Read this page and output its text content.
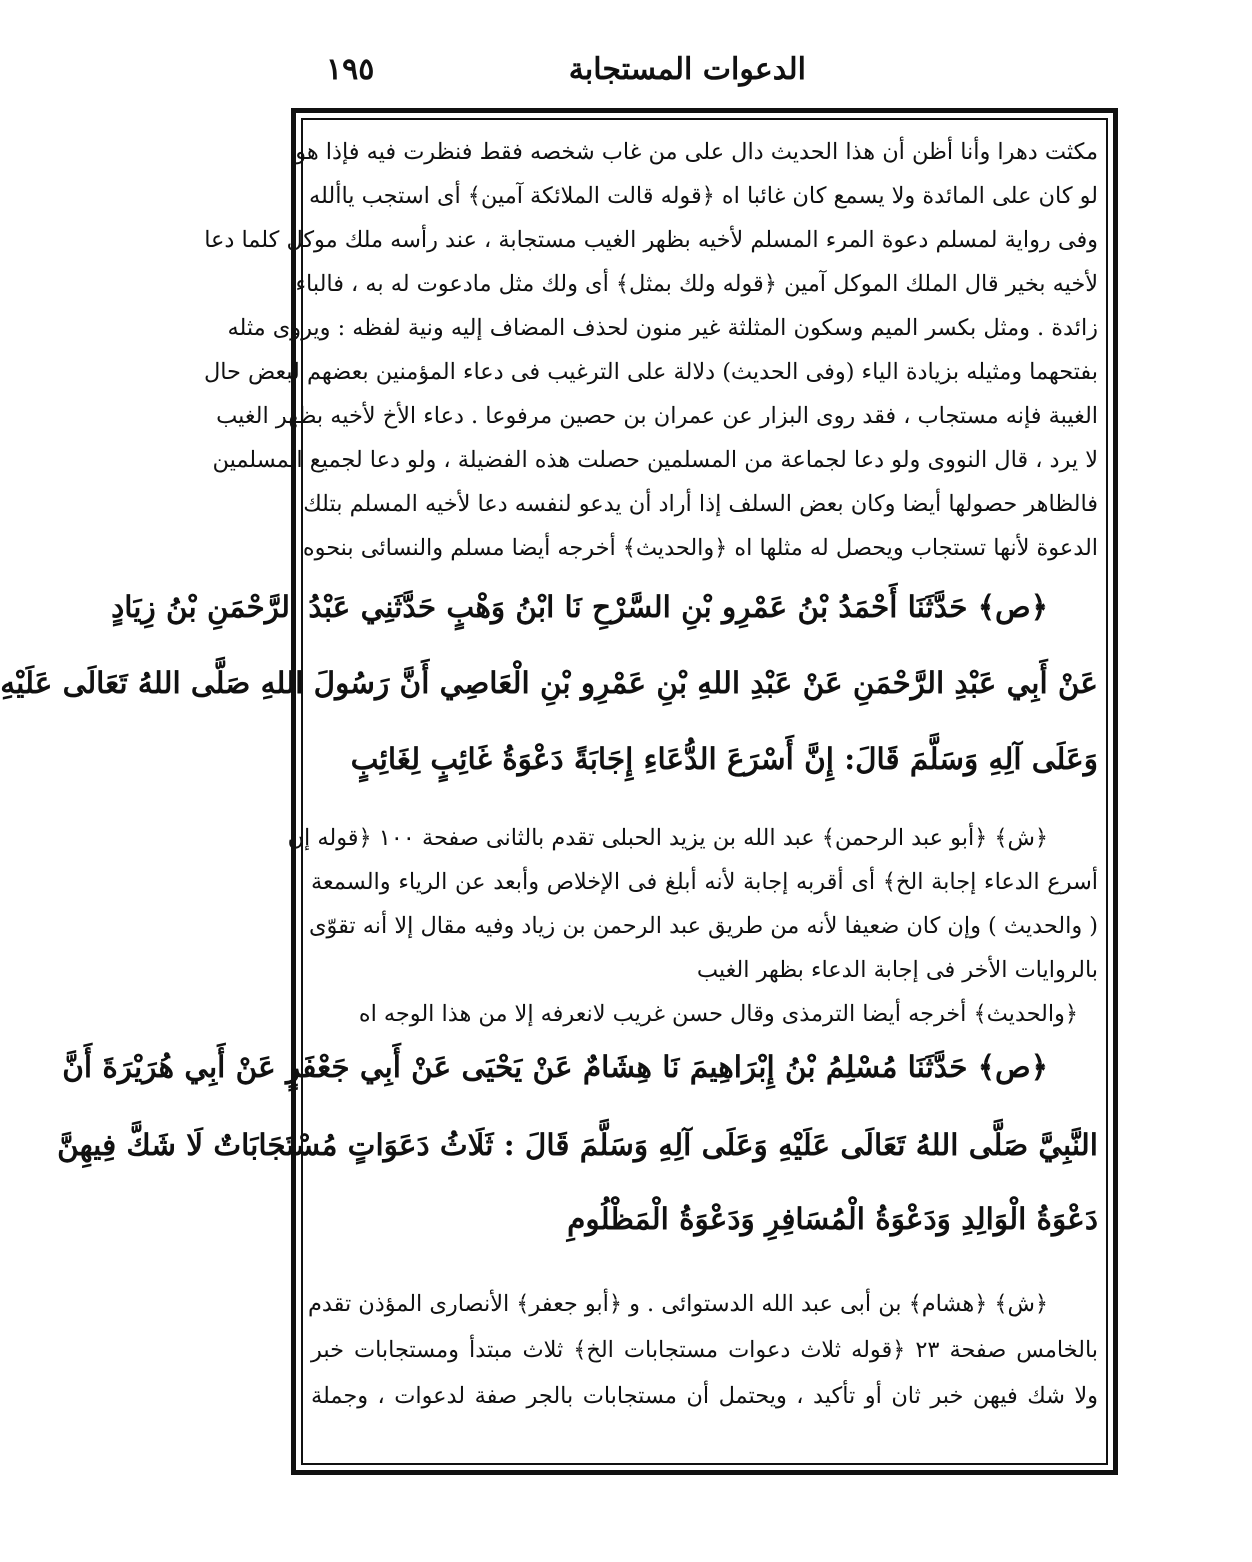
الدعوات المستجابة
١٩٥
مكثت دهرا وأنا أظن أن هذا الحديث دال على من غاب شخصه فقط فنظرت فيه فإذا هو
لو كان على المائدة ولا يسمع كان غائبا اه ﴿قوله قالت الملائكة آمين﴾ أى استجب ياألله
وفى رواية لمسلم دعوة المرء المسلم لأخيه بظهر الغيب مستجابة ، عند رأسه ملك موكل كلما دعا
لأخيه بخير قال الملك الموكل آمين ﴿قوله ولك بمثل﴾ أى ولك مثل مادعوت له به ، فالباء
زائدة . ومثل بكسر الميم وسكون المثلثة غير منون لحذف المضاف إليه ونية لفظه : ويروى مثله
بفتحهما ومثيله بزيادة الياء (وفى الحديث) دلالة على الترغيب فى دعاء المؤمنين بعضهم لبعض حال
الغيبة فإنه مستجاب ، فقد روى البزار عن عمران بن حصين مرفوعا . دعاء الأخ لأخيه بظهر الغيب
لا يرد ، قال النووى ولو دعا لجماعة من المسلمين حصلت هذه الفضيلة ، ولو دعا لجميع المسلمين
فالظاهر حصولها أيضا وكان بعض السلف إذا أراد أن يدعو لنفسه دعا لأخيه المسلم بتلك
الدعوة لأنها تستجاب ويحصل له مثلها اه ﴿والحديث﴾ أخرجه أيضا مسلم والنسائى بنحوه
﴿ص﴾ حَدَّثَنَا أَحْمَدُ بْنُ عَمْرِو بْنِ السَّرْحِ نَا ابْنُ وَهْبٍ حَدَّثَنِي عَبْدُ الرَّحْمَنِ بْنُ زِيَادٍ
عَنْ أَبِي عَبْدِ الرَّحْمَنِ عَنْ عَبْدِ اللهِ بْنِ عَمْرِو بْنِ الْعَاصِي أَنَّ رَسُولَ اللهِ صَلَّى اللهُ تَعَالَى عَلَيْهِ
وَعَلَى آلِهِ وَسَلَّمَ قَالَ: إِنَّ أَسْرَعَ الدُّعَاءِ إِجَابَةً دَعْوَةُ غَائِبٍ لِغَائِبٍ
﴿ش﴾ ﴿أبو عبد الرحمن﴾ عبد الله بن يزيد الحبلى تقدم بالثانى صفحة ١٠٠ ﴿قوله إن
أسرع الدعاء إجابة الخ﴾ أى أقربه إجابة لأنه أبلغ فى الإخلاص وأبعد عن الرياء والسمعة
( والحديث ) وإن كان ضعيفا لأنه من طريق عبد الرحمن بن زياد وفيه مقال إلا أنه تقوّى
بالروايات الأخر فى إجابة الدعاء بظهر الغيب
﴿والحديث﴾ أخرجه أيضا الترمذى وقال حسن غريب لانعرفه إلا من هذا الوجه اه
﴿ص﴾ حَدَّثَنَا مُسْلِمُ بْنُ إِبْرَاهِيمَ نَا هِشَامٌ عَنْ يَحْيَى عَنْ أَبِي جَعْفَرٍ عَنْ أَبِي هُرَيْرَةَ أَنَّ
النَّبِيَّ صَلَّى اللهُ تَعَالَى عَلَيْهِ وَعَلَى آلِهِ وَسَلَّمَ قَالَ : ثَلَاثُ دَعَوَاتٍ مُسْتَجَابَاتٌ لَا شَكَّ فِيهِنَّ
دَعْوَةُ الْوَالِدِ وَدَعْوَةُ الْمُسَافِرِ وَدَعْوَةُ الْمَظْلُومِ
﴿ش﴾ ﴿هشام﴾ بن أبى عبد الله الدستوائى . و ﴿أبو جعفر﴾ الأنصارى المؤذن تقدم
بالخامس صفحة ٢٣ ﴿قوله ثلاث دعوات مستجابات الخ﴾ ثلاث مبتدأ ومستجابات خبر
ولا شك فيهن خبر ثان أو تأكيد ، ويحتمل أن مستجابات بالجر صفة لدعوات ، وجملة
